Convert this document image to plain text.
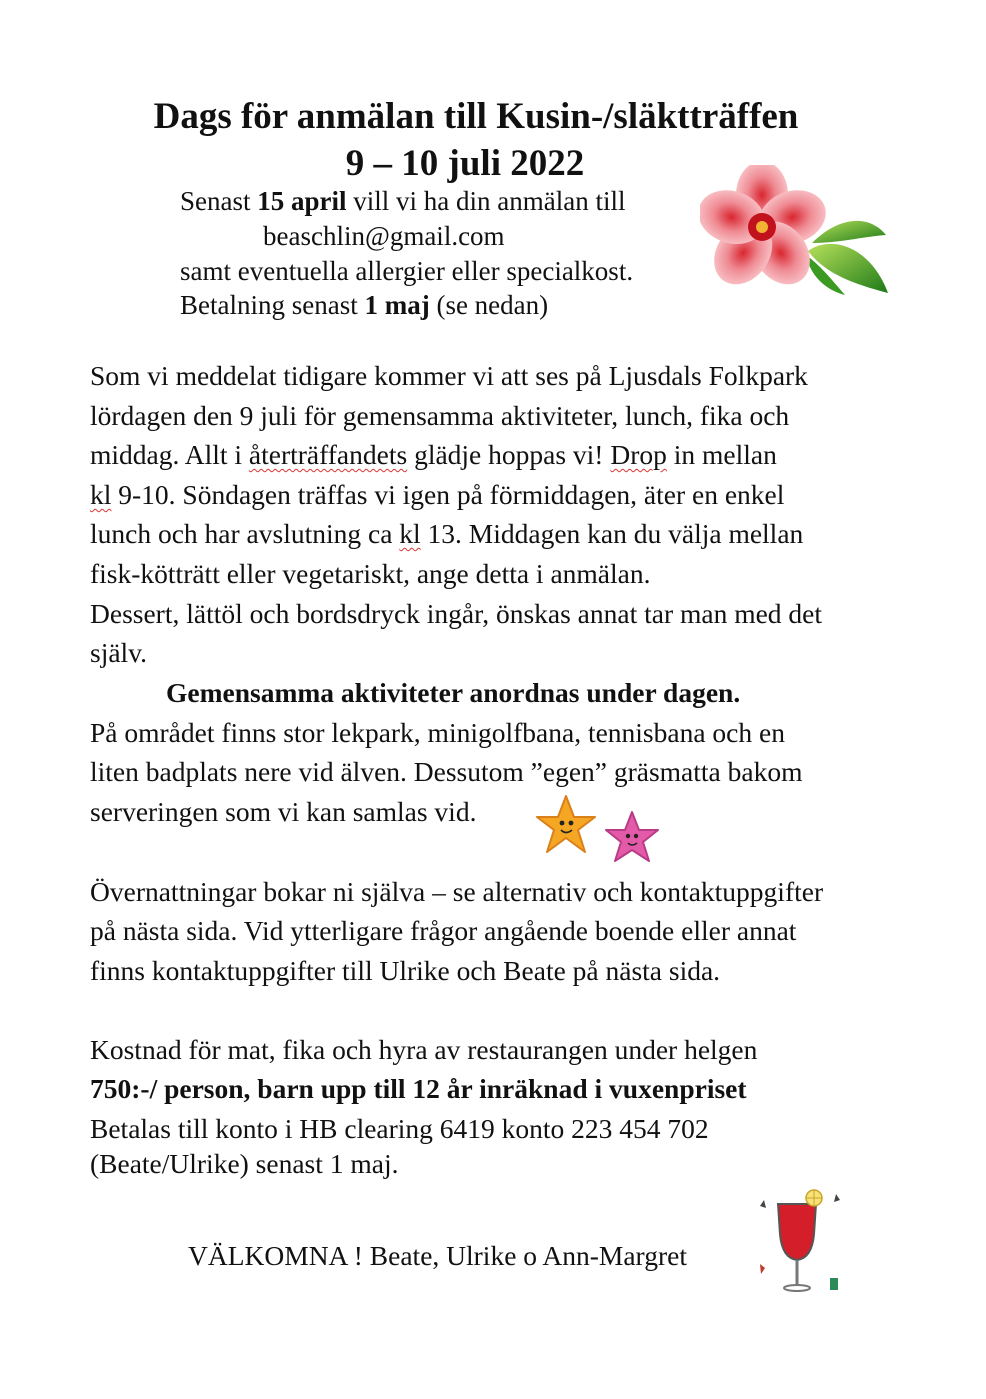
Dags för anmälan till Kusin-/släktträffen
9 – 10 juli 2022
Senast 15 april vill vi ha din anmälan till
beaschlin@gmail.com
samt eventuella allergier eller specialkost.
Betalning senast 1 maj (se nedan)
Som vi meddelat tidigare kommer vi att ses på Ljusdals Folkpark
lördagen den 9 juli för gemensamma aktiviteter, lunch, fika och
middag. Allt i återträffandets glädje hoppas vi! Drop in mellan
kl 9-10. Söndagen träffas vi igen på förmiddagen, äter en enkel
lunch och har avslutning ca kl 13. Middagen kan du välja mellan
fisk-kötträtt eller vegetariskt, ange detta i anmälan.
Dessert, lättöl och bordsdryck ingår, önskas annat tar man med det
själv.
Gemensamma aktiviteter anordnas under dagen.
På området finns stor lekpark, minigolfbana, tennisbana och en
liten badplats nere vid älven. Dessutom ”egen” gräsmatta bakom
serveringen som vi kan samlas vid.
Övernattningar bokar ni själva – se alternativ och kontaktuppgifter
på nästa sida. Vid ytterligare frågor angående boende eller annat
finns kontaktuppgifter till Ulrike och Beate på nästa sida.
Kostnad för mat, fika och hyra av restaurangen under helgen
750:-/ person, barn upp till 12 år inräknad i vuxenpriset
Betalas till konto i HB clearing 6419 konto 223 454 702
(Beate/Ulrike) senast 1 maj.
VÄLKOMNA ! Beate, Ulrike o Ann-Margret
